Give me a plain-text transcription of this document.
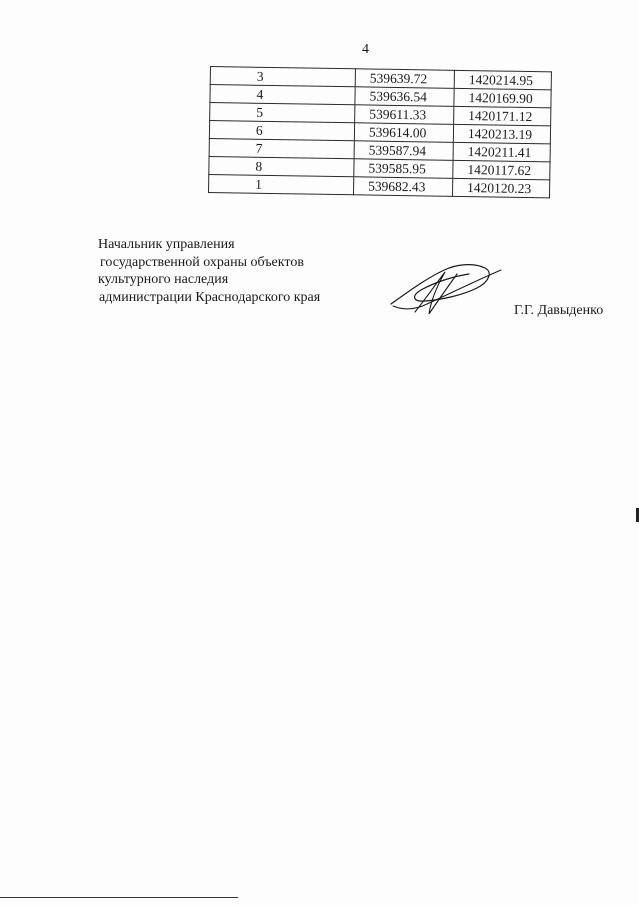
4
3	539639.72	1420214.95
4	539636.54	1420169.90
5	539611.33	1420171.12
6	539614.00	1420213.19
7	539587.94	1420211.41
8	539585.95	1420117.62
1	539682.43	1420120.23
Начальник управления
государственной охраны объектов
культурного наследия
администрации Краснодарского края
Г.Г. Давыденко
